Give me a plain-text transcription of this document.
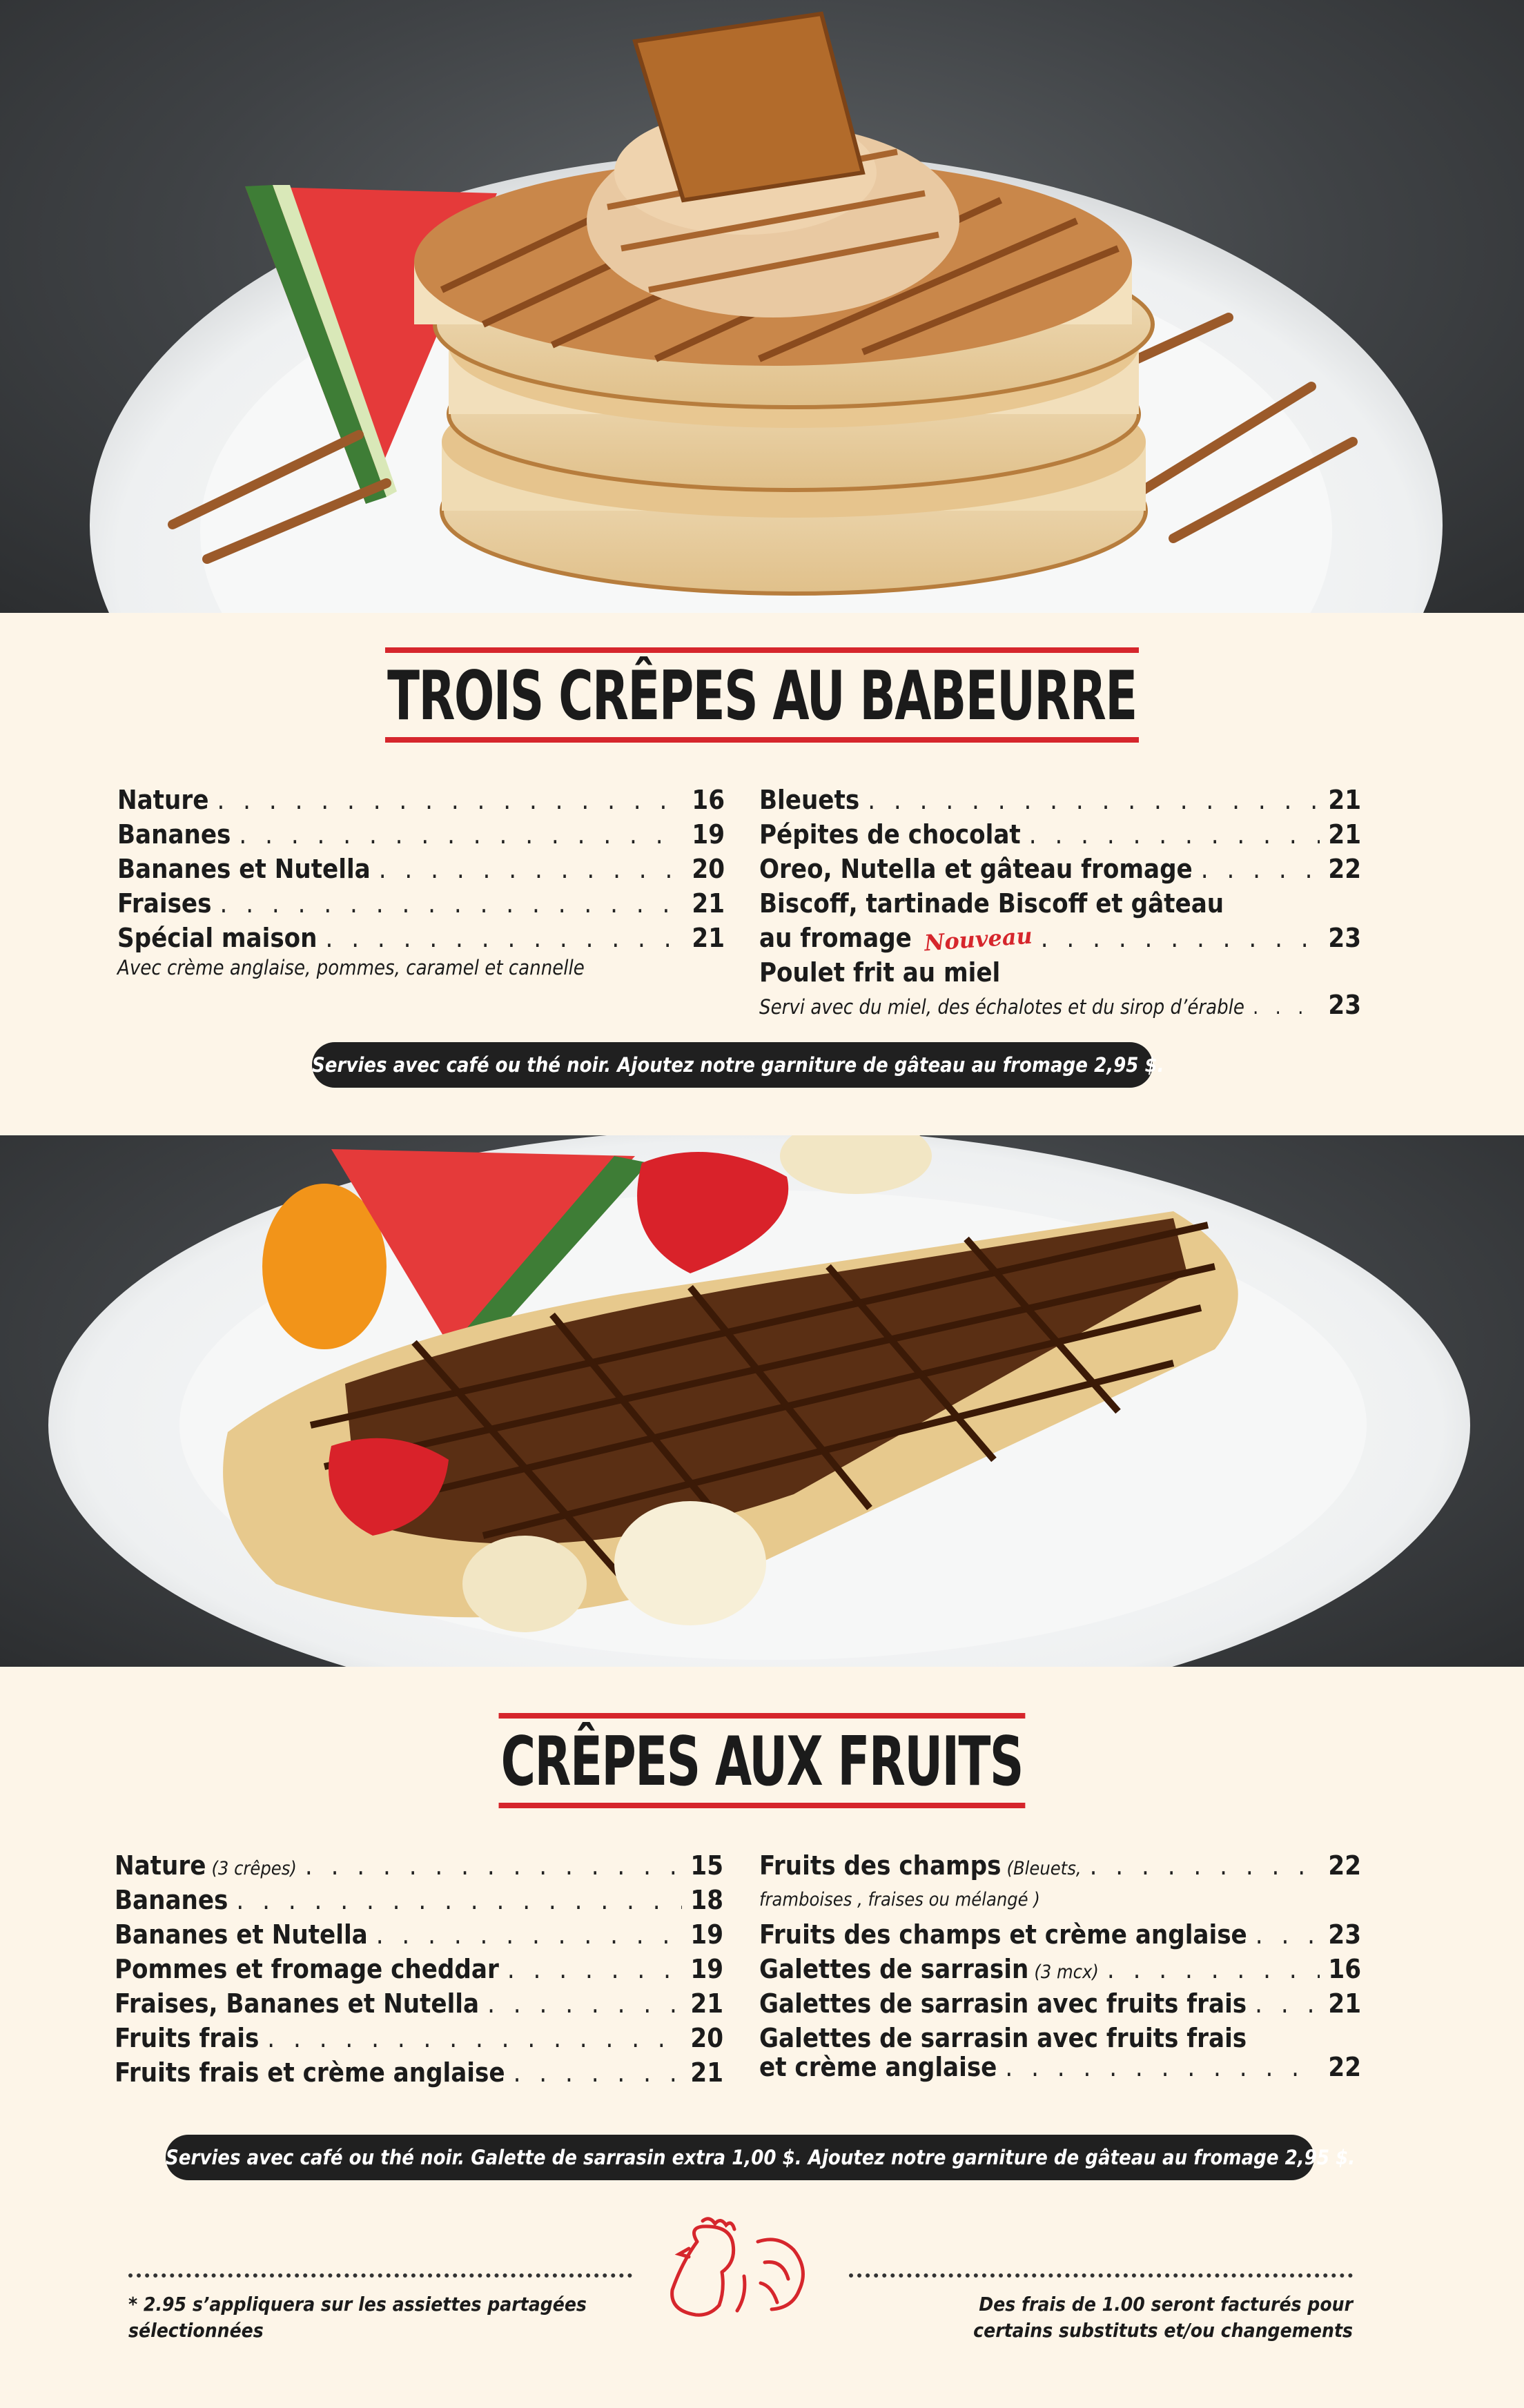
TROIS CRÊPES AU BABEURRE
Nature . . .	16
Bananes . . .	19
Bananes et Nutella . . .	20
Fraises . . .	21
Spécial maison . . .	21
Avec crème anglaise, pommes, caramel et cannelle
Bleuets . . .	21
Pépites de chocolat . . .	21
Oreo, Nutella et gâteau fromage . . .	22
Biscoff, tartinade Biscoff et gâteau
au fromage Nouveau . . .	23
Poulet frit au miel
Servi avec du miel, des échalotes et du sirop d’érable . . .	23
Servies avec café ou thé noir. Ajoutez notre garniture de gâteau au fromage 2,95 $.
CRÊPES AUX FRUITS
Nature (3 crêpes) . . .	15
Bananes . . .	18
Bananes et Nutella . . .	19
Pommes et fromage cheddar . . .	19
Fraises, Bananes et Nutella . . .	21
Fruits frais . . .	20
Fruits frais et crème anglaise . . .	21
Fruits des champs (Bleuets, . . .	22
framboises , fraises ou mélangé )
Fruits des champs et crème anglaise . . .	23
Galettes de sarrasin (3 mcx) . . .	16
Galettes de sarrasin avec fruits frais . . .	21
Galettes de sarrasin avec fruits frais
et crème anglaise . . .	22
Servies avec café ou thé noir. Galette de sarrasin extra 1,00 $. Ajoutez notre garniture de gâteau au fromage 2,95 $.
* 2.95 s’appliquera sur les assiettes partagées sélectionnées
Des frais de 1.00 seront facturés pour certains substituts et/ou changements
